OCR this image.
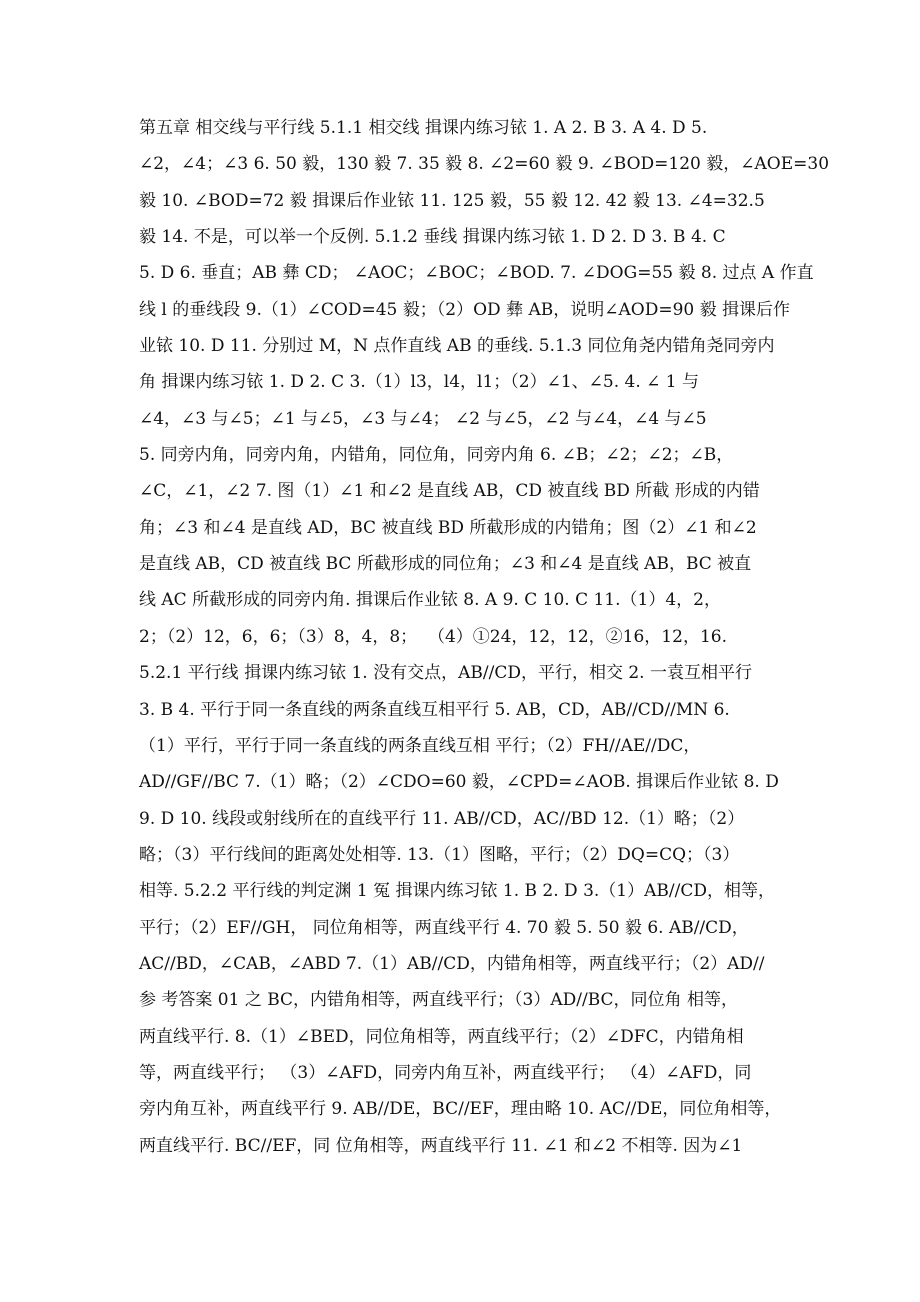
第五章 相交线与平行线 5.1.1 相交线 揖课内练习铱 1. A 2. B 3. A 4. D 5.
∠2，∠4；∠3 6. 50 毅，130 毅 7. 35 毅 8. ∠2=60 毅 9. ∠BOD=120 毅，∠AOE=30
毅 10. ∠BOD=72 毅 揖课后作业铱 11. 125 毅，55 毅 12. 42 毅 13. ∠4=32.5
毅 14. 不是，可以举一个反例. 5.1.2 垂线 揖课内练习铱 1. D 2. D 3. B 4. C
5. D 6. 垂直；AB 彝 CD； ∠AOC；∠BOC；∠BOD. 7. ∠DOG=55 毅 8. 过点 A 作直
线 l 的垂线段 9.（1）∠COD=45 毅；（2）OD 彝 AB，说明∠AOD=90 毅 揖课后作
业铱 10. D 11. 分别过 M，N 点作直线 AB 的垂线. 5.1.3 同位角尧内错角尧同旁内
角 揖课内练习铱 1. D 2. C 3.（1）l3，l4，l1；（2）∠1、∠5. 4. ∠ 1 与
∠4，∠3 与∠5；∠1 与∠5，∠3 与∠4； ∠2 与∠5，∠2 与∠4，∠4 与∠5
5. 同旁内角，同旁内角，内错角，同位角，同旁内角 6. ∠B；∠2；∠2；∠B，
∠C，∠1，∠2 7. 图（1）∠1 和∠2 是直线 AB，CD 被直线 BD 所截 形成的内错
角；∠3 和∠4 是直线 AD，BC 被直线 BD 所截形成的内错角；图（2）∠1 和∠2
是直线 AB，CD 被直线 BC 所截形成的同位角；∠3 和∠4 是直线 AB，BC 被直
线 AC 所截形成的同旁内角. 揖课后作业铱 8. A 9. C 10. C 11.（1）4，2，
2；（2）12，6，6；（3）8，4，8；  （4）①24，12，12，②16，12，16.
5.2.1 平行线 揖课内练习铱 1. 没有交点，AB//CD，平行，相交 2. 一袁互相平行
3. B 4. 平行于同一条直线的两条直线互相平行 5. AB，CD，AB//CD//MN 6.
（1）平行，平行于同一条直线的两条直线互相 平行；（2）FH//AE//DC，
AD//GF//BC 7.（1）略；（2）∠CDO=60 毅，∠CPD=∠AOB. 揖课后作业铱 8. D
9. D 10. 线段或射线所在的直线平行 11. AB//CD，AC//BD 12.（1）略；（2）
略；（3）平行线间的距离处处相等. 13.（1）图略，平行；（2）DQ=CQ；（3）
相等. 5.2.2 平行线的判定渊 1 冤 揖课内练习铱 1. B 2. D 3.（1）AB//CD，相等，
平行；（2）EF//GH， 同位角相等，两直线平行 4. 70 毅 5. 50 毅 6. AB//CD，
AC//BD，∠CAB，∠ABD 7.（1）AB//CD，内错角相等，两直线平行；（2）AD//
参 考答案 01 之 BC，内错角相等，两直线平行；（3）AD//BC，同位角 相等，
两直线平行. 8.（1）∠BED，同位角相等，两直线平行；（2）∠DFC，内错角相
等，两直线平行； （3）∠AFD，同旁内角互补，两直线平行； （4）∠AFD，同
旁内角互补，两直线平行 9. AB//DE，BC//EF，理由略 10. AC//DE，同位角相等，
两直线平行. BC//EF，同 位角相等，两直线平行 11. ∠1 和∠2 不相等. 因为∠1
